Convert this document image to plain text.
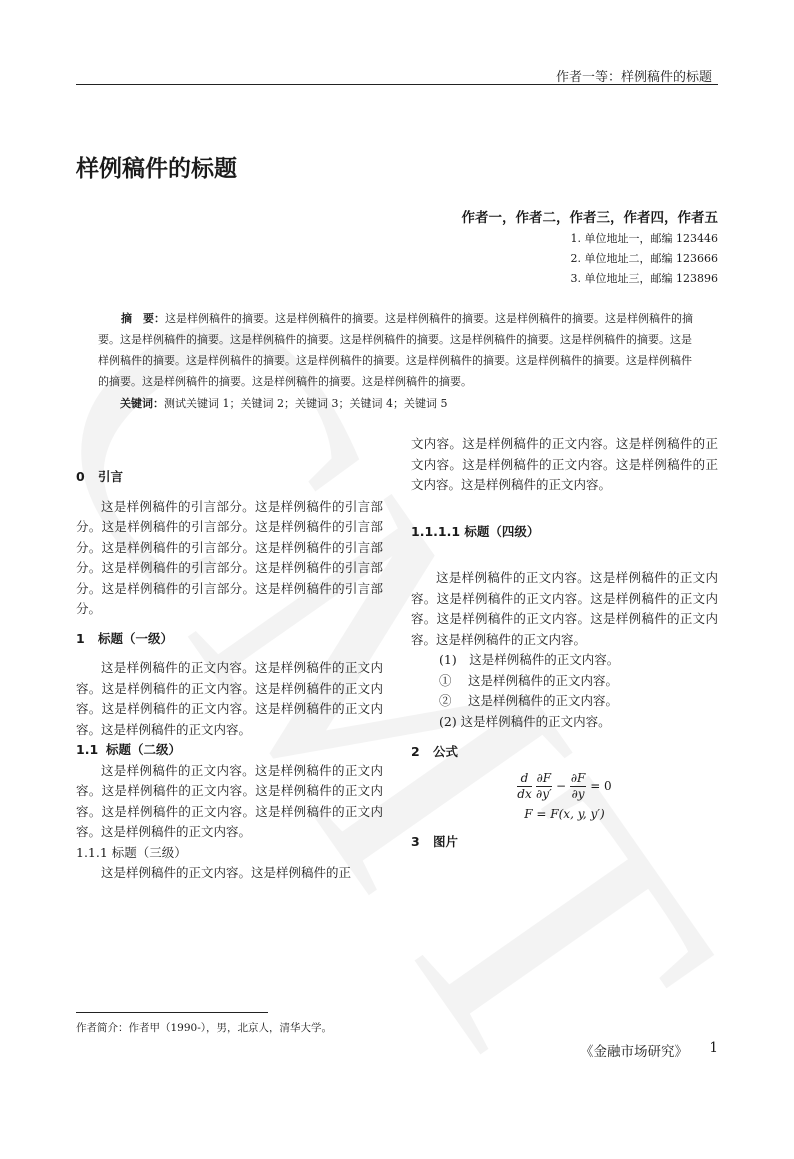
作者一等：样例稿件的标题
样例稿件的标题
作者一，作者二，作者三，作者四，作者五
1. 单位地址一，邮编 123446
2. 单位地址二，邮编 123666
3. 单位地址三，邮编 123896
摘　要：这是样例稿件的摘要。这是样例稿件的摘要。这是样例稿件的摘要。这是样例稿件的摘要。这是样例稿件的摘要。这是样例稿件的摘要。这是样例稿件的摘要。这是样例稿件的摘要。这是样例稿件的摘要。这是样例稿件的摘要。这是样例稿件的摘要。这是样例稿件的摘要。这是样例稿件的摘要。这是样例稿件的摘要。这是样例稿件的摘要。这是样例稿件的摘要。这是样例稿件的摘要。这是样例稿件的摘要。这是样例稿件的摘要。
关键词：测试关键词 1；关键词 2；关键词 3；关键词 4；关键词 5
0 引言
这是样例稿件的引言部分。这是样例稿件的引言部分。这是样例稿件的引言部分。这是样例稿件的引言部分。这是样例稿件的引言部分。这是样例稿件的引言部分。这是样例稿件的引言部分。这是样例稿件的引言部分。这是样例稿件的引言部分。这是样例稿件的引言部分。
1 标题（一级）
这是样例稿件的正文内容。这是样例稿件的正文内容。这是样例稿件的正文内容。这是样例稿件的正文内容。这是样例稿件的正文内容。这是样例稿件的正文内容。这是样例稿件的正文内容。
1.1 标题（二级）
这是样例稿件的正文内容。这是样例稿件的正文内容。这是样例稿件的正文内容。这是样例稿件的正文内容。这是样例稿件的正文内容。这是样例稿件的正文内容。这是样例稿件的正文内容。
1.1.1 标题（三级）
这是样例稿件的正文内容。这是样例稿件的正
文内容。这是样例稿件的正文内容。这是样例稿件的正文内容。这是样例稿件的正文内容。这是样例稿件的正文内容。这是样例稿件的正文内容。
1.1.1.1 标题（四级）
这是样例稿件的正文内容。这是样例稿件的正文内容。这是样例稿件的正文内容。这是样例稿件的正文内容。这是样例稿件的正文内容。这是样例稿件的正文内容。这是样例稿件的正文内容。
(1)　这是样例稿件的正文内容。
①　 这是样例稿件的正文内容。
②　 这是样例稿件的正文内容。
(2) 这是样例稿件的正文内容。
2 公式
$\frac{d}{dx}$
$\frac{\partial F}{\partial y'} - \frac{\partial F}{\partial y} = 0$
F = F(x, y, y′)
3 图片
作者简介：作者甲（1990-），男，北京人，清华大学。
《金融市场研究》 1
